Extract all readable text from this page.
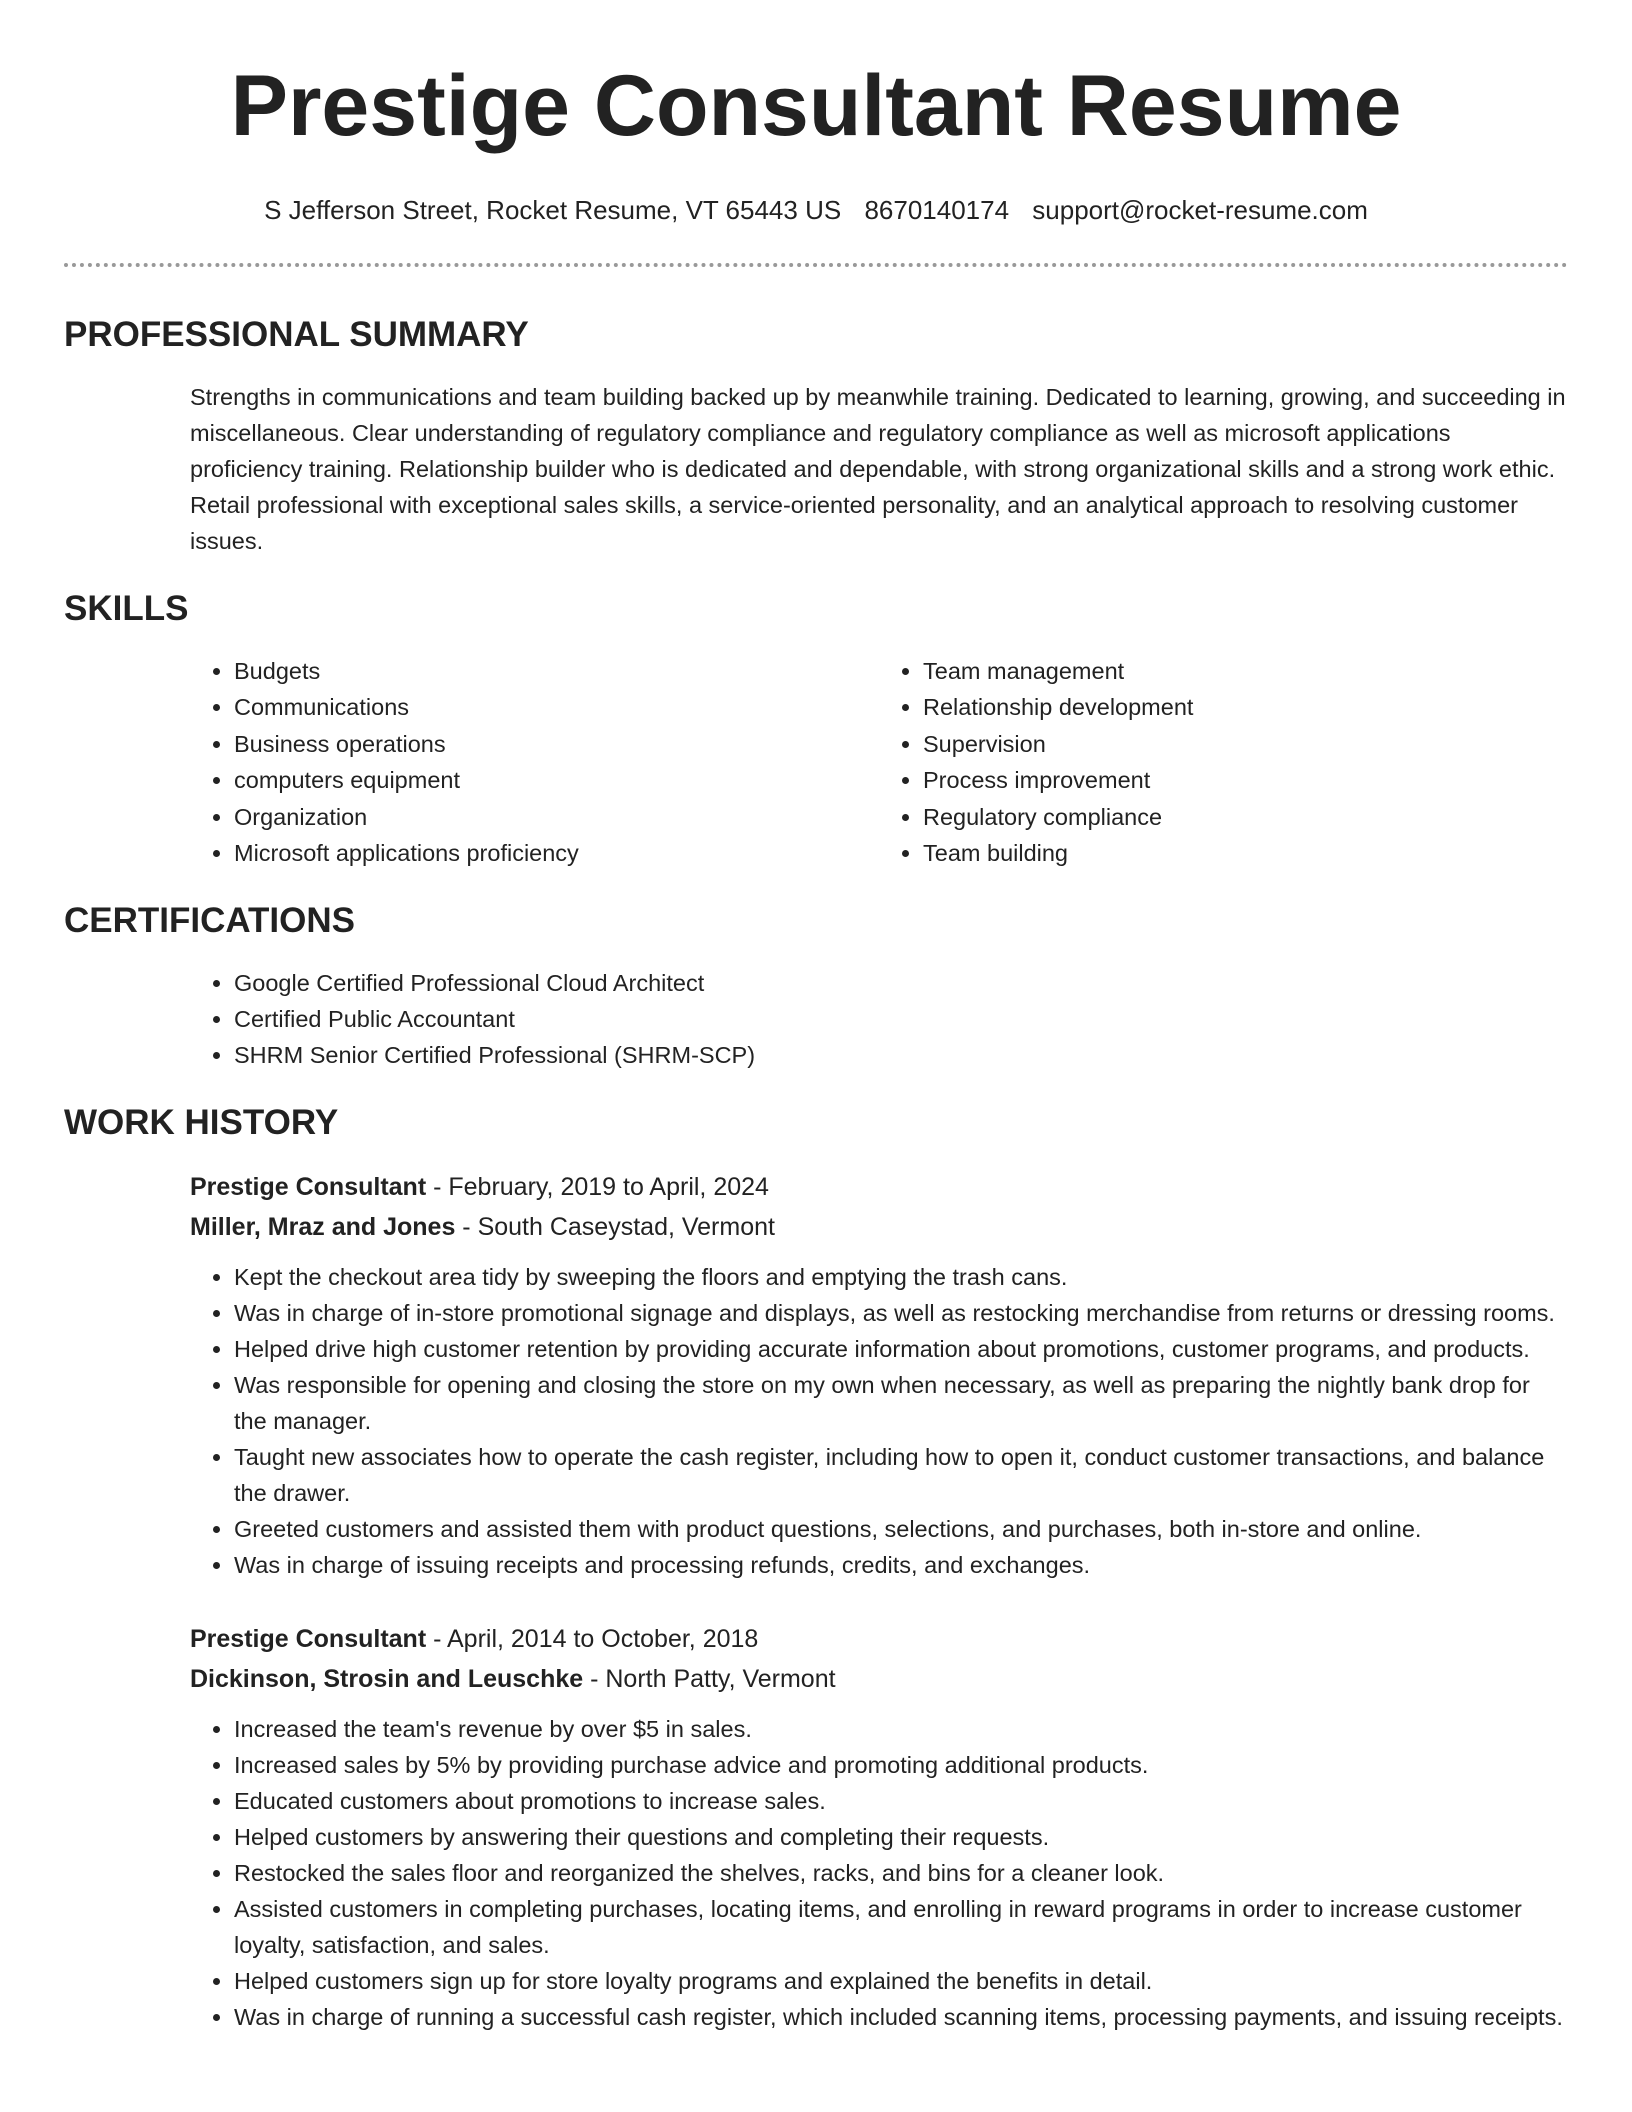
Prestige Consultant Resume
S Jefferson Street, Rocket Resume, VT 65443 US 8670140174 support@rocket-resume.com
PROFESSIONAL SUMMARY
Strengths in communications and team building backed up by meanwhile training. Dedicated to learning, growing, and succeeding in miscellaneous. Clear understanding of regulatory compliance and regulatory compliance as well as microsoft applications proficiency training. Relationship builder who is dedicated and dependable, with strong organizational skills and a strong work ethic. Retail professional with exceptional sales skills, a service-oriented personality, and an analytical approach to resolving customer issues.
SKILLS
• Budgets
• Communications
• Business operations
• computers equipment
• Organization
• Microsoft applications proficiency
• Team management
• Relationship development
• Supervision
• Process improvement
• Regulatory compliance
• Team building
CERTIFICATIONS
• Google Certified Professional Cloud Architect
• Certified Public Accountant
• SHRM Senior Certified Professional (SHRM-SCP)
WORK HISTORY
Prestige Consultant - February, 2019 to April, 2024
Miller, Mraz and Jones - South Caseystad, Vermont
• Kept the checkout area tidy by sweeping the floors and emptying the trash cans.
• Was in charge of in-store promotional signage and displays, as well as restocking merchandise from returns or dressing rooms.
• Helped drive high customer retention by providing accurate information about promotions, customer programs, and products.
• Was responsible for opening and closing the store on my own when necessary, as well as preparing the nightly bank drop for the manager.
• Taught new associates how to operate the cash register, including how to open it, conduct customer transactions, and balance the drawer.
• Greeted customers and assisted them with product questions, selections, and purchases, both in-store and online.
• Was in charge of issuing receipts and processing refunds, credits, and exchanges.
Prestige Consultant - April, 2014 to October, 2018
Dickinson, Strosin and Leuschke - North Patty, Vermont
• Increased the team's revenue by over $5 in sales.
• Increased sales by 5% by providing purchase advice and promoting additional products.
• Educated customers about promotions to increase sales.
• Helped customers by answering their questions and completing their requests.
• Restocked the sales floor and reorganized the shelves, racks, and bins for a cleaner look.
• Assisted customers in completing purchases, locating items, and enrolling in reward programs in order to increase customer loyalty, satisfaction, and sales.
• Helped customers sign up for store loyalty programs and explained the benefits in detail.
• Was in charge of running a successful cash register, which included scanning items, processing payments, and issuing receipts.
